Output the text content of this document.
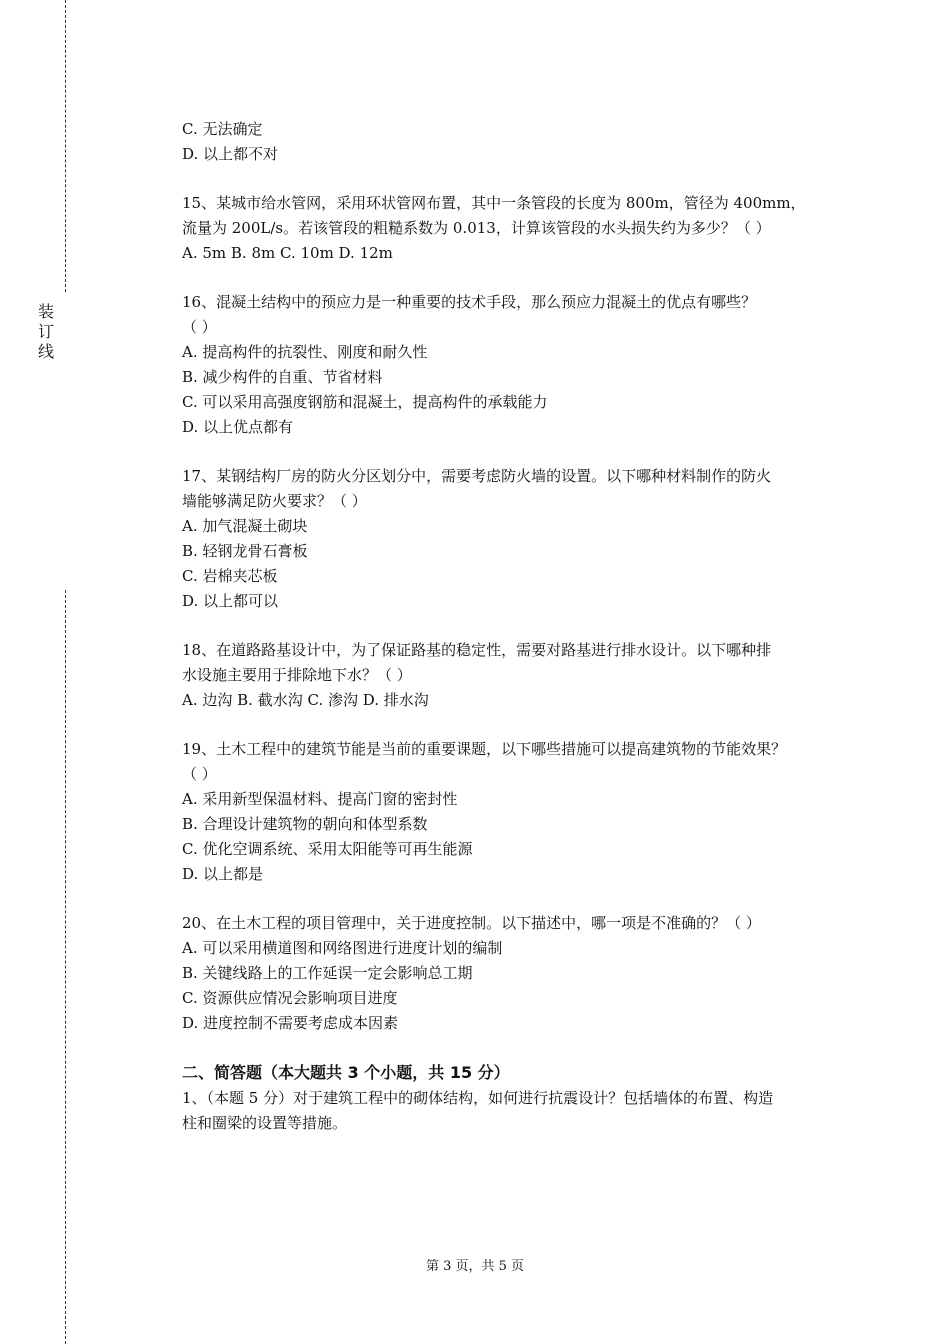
装
订
线
C. 无法确定
D. 以上都不对
15、某城市给水管网，采用环状管网布置，其中一条管段的长度为 800m，管径为 400mm，
流量为 200L/s。若该管段的粗糙系数为 0.013，计算该管段的水头损失约为多少？（ ）
A. 5m B. 8m C. 10m D. 12m
16、混凝土结构中的预应力是一种重要的技术手段，那么预应力混凝土的优点有哪些？
（ ）
A. 提高构件的抗裂性、刚度和耐久性
B. 减少构件的自重、节省材料
C. 可以采用高强度钢筋和混凝土，提高构件的承载能力
D. 以上优点都有
17、某钢结构厂房的防火分区划分中，需要考虑防火墙的设置。以下哪种材料制作的防火
墙能够满足防火要求？（ ）
A. 加气混凝土砌块
B. 轻钢龙骨石膏板
C. 岩棉夹芯板
D. 以上都可以
18、在道路路基设计中，为了保证路基的稳定性，需要对路基进行排水设计。以下哪种排
水设施主要用于排除地下水？（ ）
A. 边沟 B. 截水沟 C. 渗沟 D. 排水沟
19、土木工程中的建筑节能是当前的重要课题，以下哪些措施可以提高建筑物的节能效果？
（ ）
A. 采用新型保温材料、提高门窗的密封性
B. 合理设计建筑物的朝向和体型系数
C. 优化空调系统、采用太阳能等可再生能源
D. 以上都是
20、在土木工程的项目管理中，关于进度控制。以下描述中，哪一项是不准确的？（ ）
A. 可以采用横道图和网络图进行进度计划的编制
B. 关键线路上的工作延误一定会影响总工期
C. 资源供应情况会影响项目进度
D. 进度控制不需要考虑成本因素
二、简答题（本大题共 3 个小题，共 15 分）
1、（本题 5 分）对于建筑工程中的砌体结构，如何进行抗震设计？包括墙体的布置、构造
柱和圈梁的设置等措施。
第 3 页，共 5 页
